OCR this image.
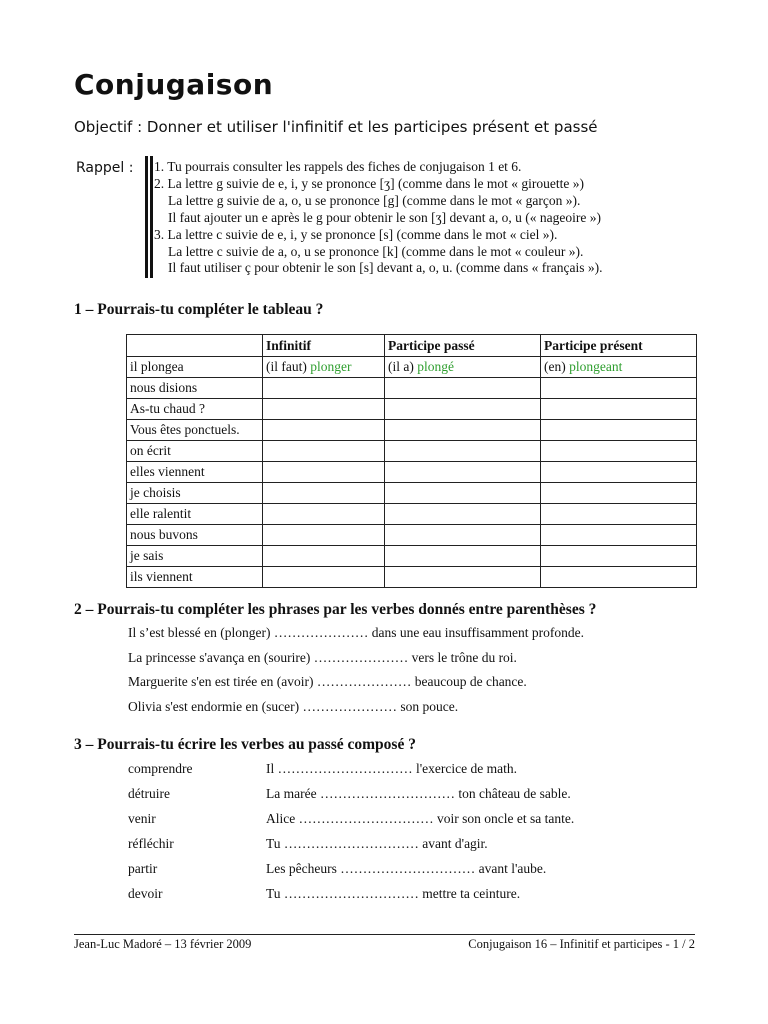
Conjugaison
Objectif : Donner et utiliser l'infinitif et les participes présent et passé
Rappel : 1. Tu pourrais consulter les rappels des fiches de conjugaison 1 et 6.
2. La lettre g suivie de e, i, y se prononce [ʒ] (comme dans le mot « girouette »)
La lettre g suivie de a, o, u se prononce [g] (comme dans le mot « garçon »).
Il faut ajouter un e après le g pour obtenir le son [ʒ] devant a, o, u (« nageoire »)
3. La lettre c suivie de e, i, y se prononce [s] (comme dans le mot « ciel »).
La lettre c suivie de a, o, u se prononce [k] (comme dans le mot « couleur »).
Il faut utiliser ç pour obtenir le son [s] devant a, o, u. (comme dans « français »).
1 – Pourrais-tu compléter le tableau ?
	Infinitif	Participe passé	Participe présent
il plongea	(il faut) plonger	(il a) plongé	(en) plongeant
nous disions			
As-tu chaud ?			
Vous êtes ponctuels.			
on écrit			
elles viennent			
je choisis			
elle ralentit			
nous buvons			
je sais			
ils viennent			
2 – Pourrais-tu compléter les phrases par les verbes donnés entre parenthèses ?
Il s’est blessé en (plonger) ………………… dans une eau insuffisamment profonde.
La princesse s'avança en (sourire) ………………… vers le trône du roi.
Marguerite s'en est tirée en (avoir) ………………… beaucoup de chance.
Olivia s'est endormie en (sucer) ………………… son pouce.
3 – Pourrais-tu écrire les verbes au passé composé ?
comprendre	Il ………………………… l'exercice de math.
détruire	La marée ………………………… ton château de sable.
venir	Alice ………………………… voir son oncle et sa tante.
réfléchir	Tu ………………………… avant d'agir.
partir	Les pêcheurs ………………………… avant l'aube.
devoir	Tu ………………………… mettre ta ceinture.
Jean-Luc Madoré – 13 février 2009	Conjugaison 16 – Infinitif et participes - 1 / 2
